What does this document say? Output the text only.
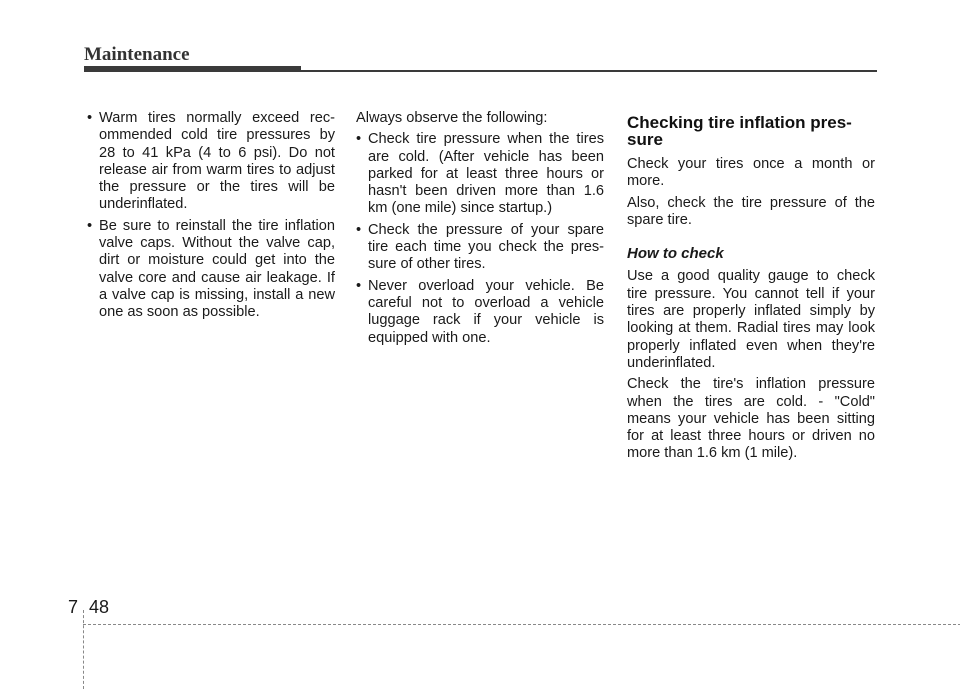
Maintenance
• Warm tires normally exceed rec-ommended cold tire pressures by 28 to 41 kPa (4 to 6 psi). Do not release air from warm tires to adjust the pressure or the tires will be underinflated.
• Be sure to reinstall the tire inflation valve caps. Without the valve cap, dirt or moisture could get into the valve core and cause air leakage. If a valve cap is missing, install a new one as soon as possible.

Always observe the following:

• Check tire pressure when the tires are cold. (After vehicle has been parked for at least three hours or hasn't been driven more than 1.6 km (one mile) since startup.)
• Check the pressure of your spare tire each time you check the pres-sure of other tires.
• Never overload your vehicle. Be careful not to overload a vehicle luggage rack if your vehicle is equipped with one.
Checking tire inflation pres-sure

Check your tires once a month or more.

Also, check the tire pressure of the spare tire.

How to check

Use a good quality gauge to check tire pressure. You cannot tell if your tires are properly inflated simply by looking at them. Radial tires may look properly inflated even when they're underinflated.

Check the tire's inflation pressure when the tires are cold. - "Cold" means your vehicle has been sitting for at least three hours or driven no more than 1.6 km (1 mile).

7 48
